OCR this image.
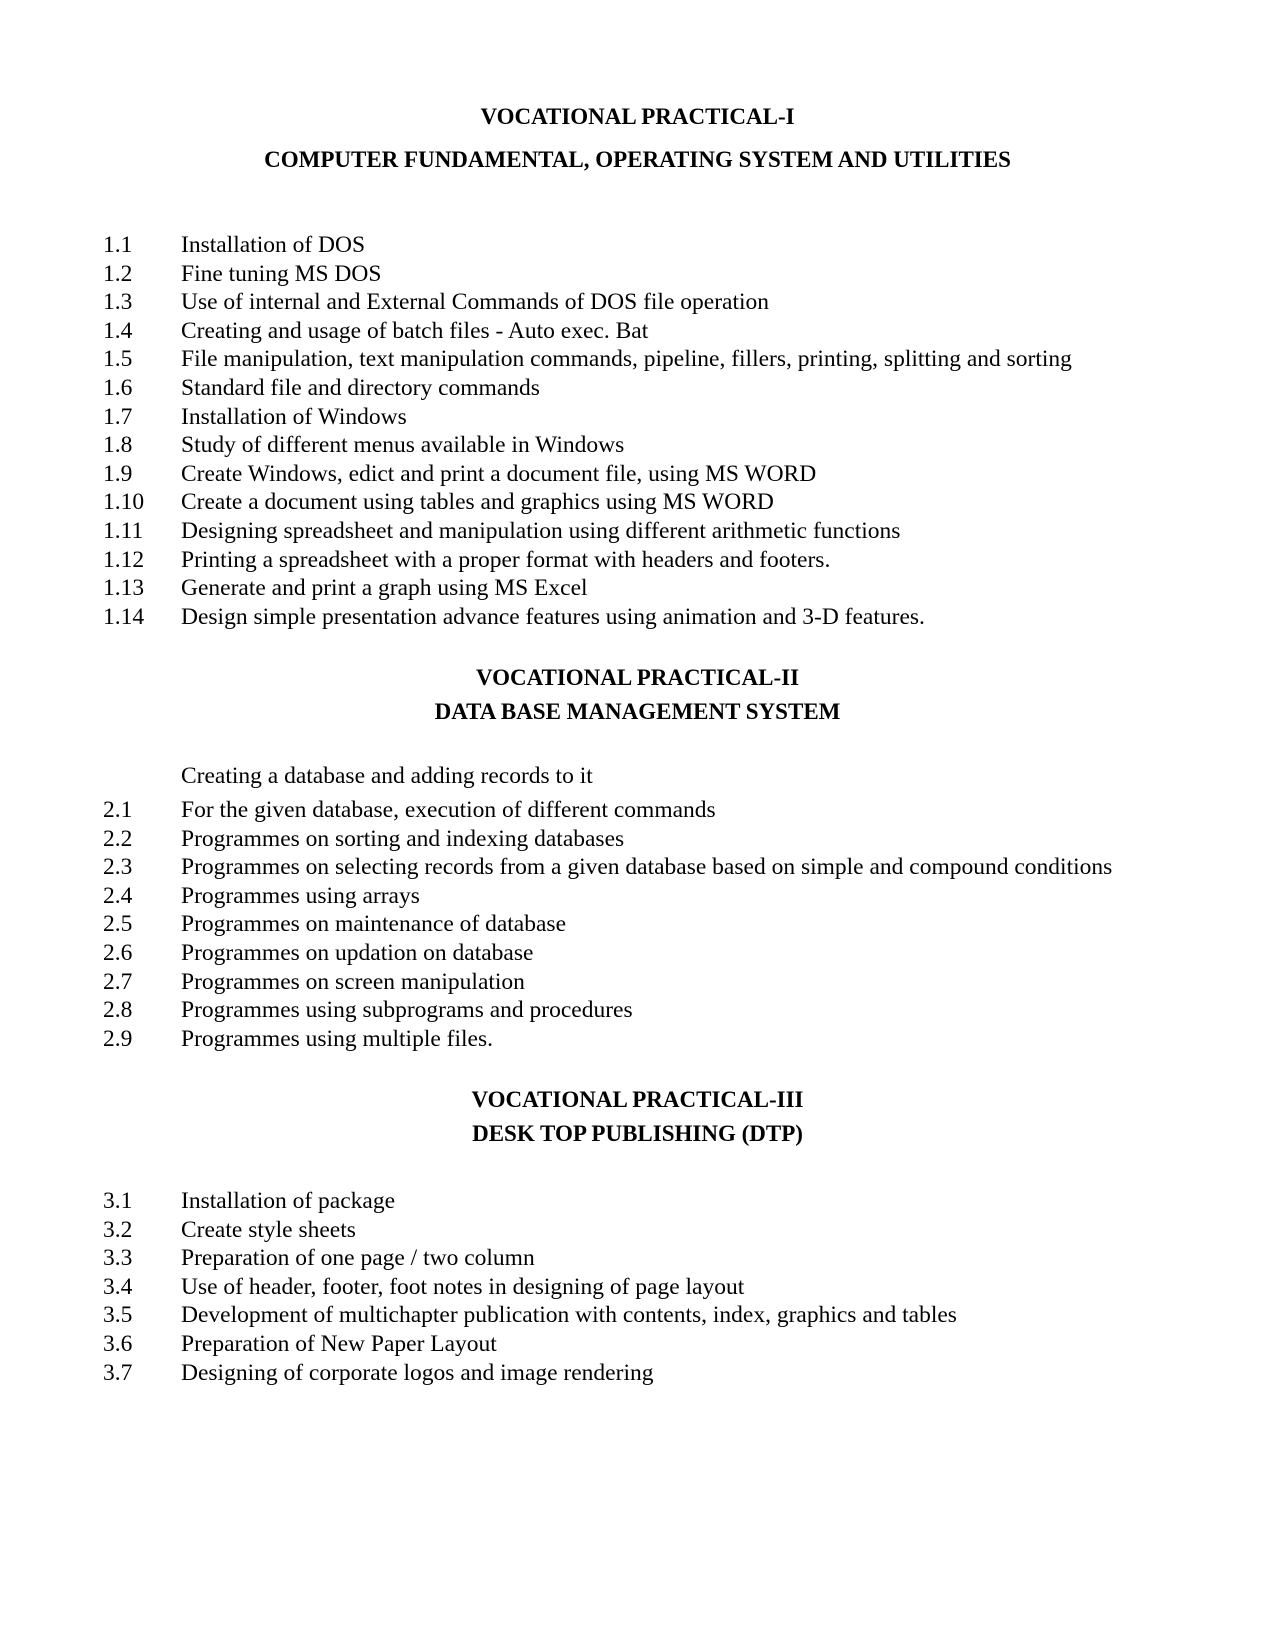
VOCATIONAL PRACTICAL-I
COMPUTER FUNDAMENTAL, OPERATING SYSTEM AND UTILITIES
1.1 Installation of DOS
1.2 Fine tuning MS DOS
1.3 Use of internal and External Commands of DOS file operation
1.4 Creating and usage of batch files - Auto exec. Bat
1.5 File manipulation, text manipulation commands, pipeline, fillers, printing, splitting and sorting
1.6 Standard file and directory commands
1.7 Installation of Windows
1.8 Study of different menus available in Windows
1.9 Create Windows, edict and print a document file, using MS WORD
1.10 Create a document using tables and graphics using MS WORD
1.11 Designing spreadsheet and manipulation using different arithmetic functions
1.12 Printing a spreadsheet with a proper format with headers and footers.
1.13 Generate and print a graph using MS Excel
1.14 Design simple presentation advance features using animation and 3-D features.
VOCATIONAL PRACTICAL-II
DATA BASE MANAGEMENT SYSTEM
Creating a database and adding records to it
2.1 For the given database, execution of different commands
2.2 Programmes on sorting and indexing databases
2.3 Programmes on selecting records from a given database based on simple and compound conditions
2.4 Programmes using arrays
2.5 Programmes on maintenance of database
2.6 Programmes on updation on database
2.7 Programmes on screen manipulation
2.8 Programmes using subprograms and procedures
2.9 Programmes using multiple files.
VOCATIONAL PRACTICAL-III
DESK TOP PUBLISHING (DTP)
3.1 Installation of package
3.2 Create style sheets
3.3 Preparation of one page / two column
3.4 Use of header, footer, foot notes in designing of page layout
3.5 Development of multichapter publication with contents, index, graphics and tables
3.6 Preparation of New Paper Layout
3.7 Designing of corporate logos and image rendering
